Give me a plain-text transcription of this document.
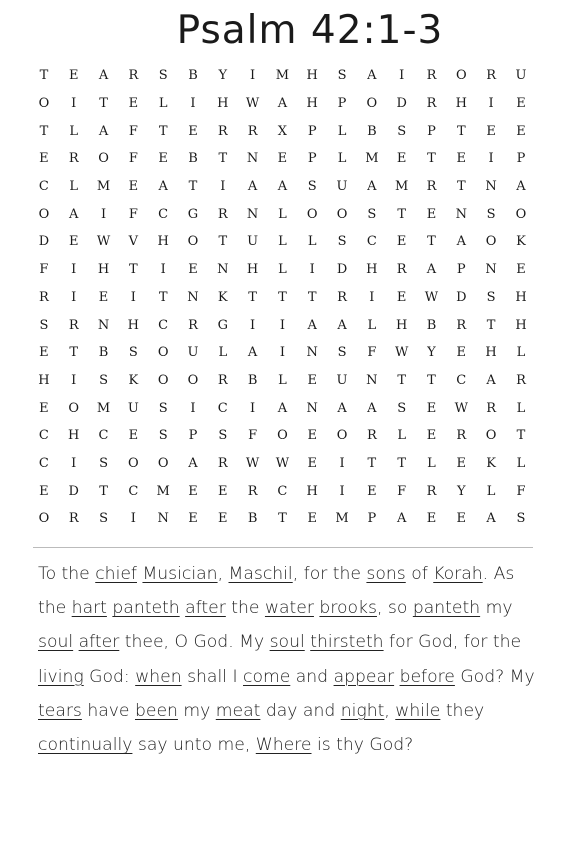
Psalm 42:1-3
T	E	A	R	S	B	Y	I	M	H	S	A	I	R	O	R	U
O	I	T	E	L	I	H	W	A	H	P	O	D	R	H	I	E
T	L	A	F	T	E	R	R	X	P	L	B	S	P	T	E	E
E	R	O	F	E	B	T	N	E	P	L	M	E	T	E	I	P
C	L	M	E	A	T	I	A	A	S	U	A	M	R	T	N	A
O	A	I	F	C	G	R	N	L	O	O	S	T	E	N	S	O
D	E	W	V	H	O	T	U	L	L	S	C	E	T	A	O	K
F	I	H	T	I	E	N	H	L	I	D	H	R	A	P	N	E
R	I	E	I	T	N	K	T	T	T	R	I	E	W	D	S	H
S	R	N	H	C	R	G	I	I	A	A	L	H	B	R	T	H
E	T	B	S	O	U	L	A	I	N	S	F	W	Y	E	H	L
H	I	S	K	O	O	R	B	L	E	U	N	T	T	C	A	R
E	O	M	U	S	I	C	I	A	N	A	A	S	E	W	R	L
C	H	C	E	S	P	S	F	O	E	O	R	L	E	R	O	T
C	I	S	O	O	A	R	W	W	E	I	T	T	L	E	K	L
E	D	T	C	M	E	E	R	C	H	I	E	F	R	Y	L	F
O	R	S	I	N	E	E	B	T	E	M	P	A	E	E	A	S

To the chief Musician, Maschil, for the sons of Korah. As the hart panteth after the water brooks, so panteth my soul after thee, O God. My soul thirsteth for God, for the living God: when shall I come and appear before God? My tears have been my meat day and night, while they continually say unto me, Where is thy God?
